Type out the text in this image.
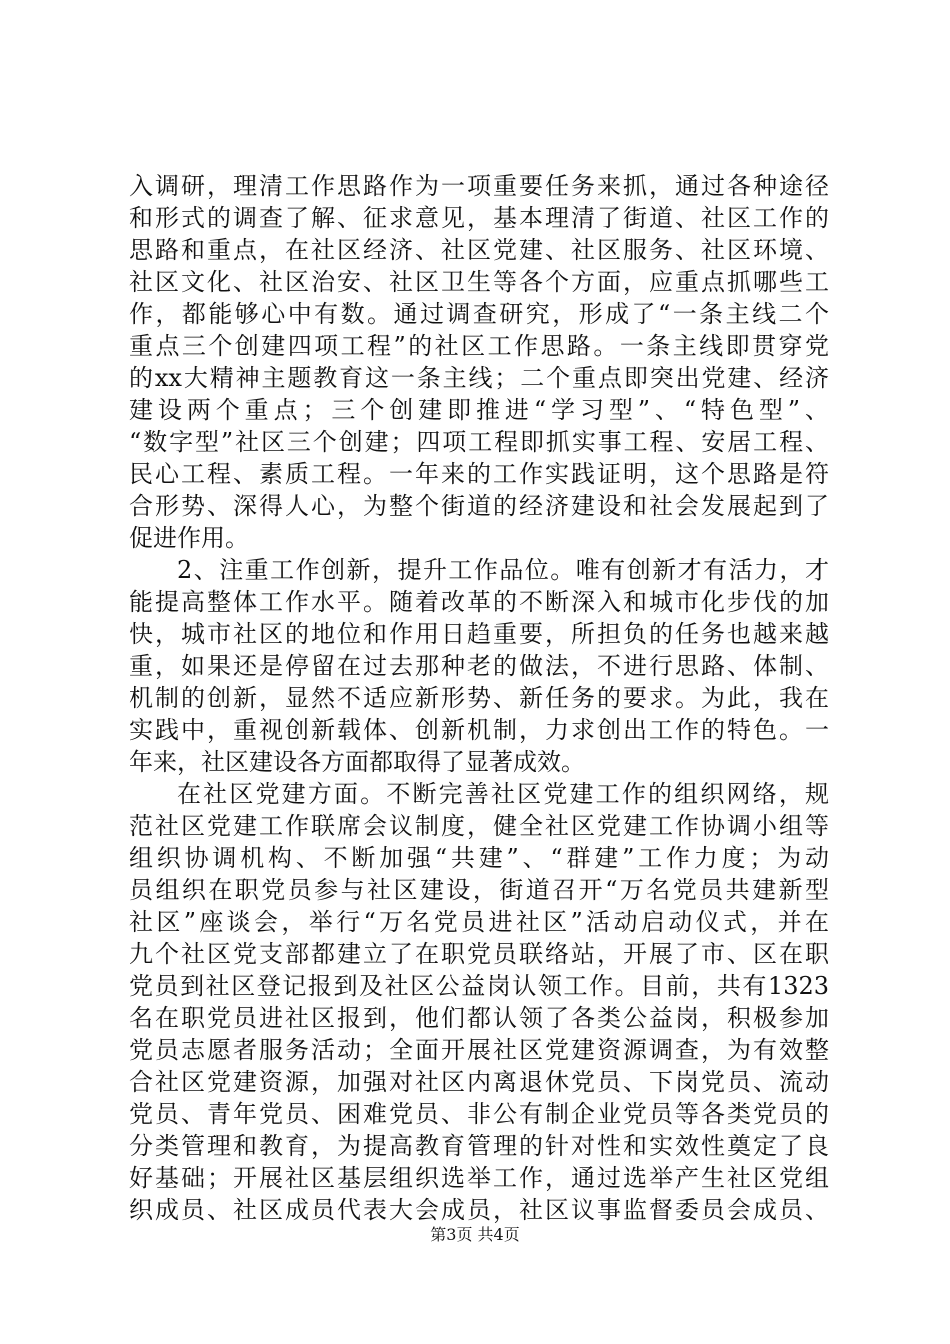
入调研，理清工作思路作为一项重要任务来抓，通过各种途径
和形式的调查了解、征求意见，基本理清了街道、社区工作的
思路和重点，在社区经济、社区党建、社区服务、社区环境、
社区文化、社区治安、社区卫生等各个方面，应重点抓哪些工
作，都能够心中有数。通过调查研究，形成了“一条主线二个
重点三个创建四项工程”的社区工作思路。一条主线即贯穿党
的xx大精神主题教育这一条主线；二个重点即突出党建、经济
建设两个重点；三个创建即推进“学习型”、“特色型”、
“数字型”社区三个创建；四项工程即抓实事工程、安居工程、
民心工程、素质工程。一年来的工作实践证明，这个思路是符
合形势、深得人心，为整个街道的经济建设和社会发展起到了
促进作用。
2、注重工作创新，提升工作品位。唯有创新才有活力，才
能提高整体工作水平。随着改革的不断深入和城市化步伐的加
快，城市社区的地位和作用日趋重要，所担负的任务也越来越
重，如果还是停留在过去那种老的做法，不进行思路、体制、
机制的创新，显然不适应新形势、新任务的要求。为此，我在
实践中，重视创新载体、创新机制，力求创出工作的特色。一
年来，社区建设各方面都取得了显著成效。
在社区党建方面。不断完善社区党建工作的组织网络，规
范社区党建工作联席会议制度，健全社区党建工作协调小组等
组织协调机构、不断加强“共建”、“群建”工作力度；为动
员组织在职党员参与社区建设，街道召开“万名党员共建新型
社区”座谈会，举行“万名党员进社区”活动启动仪式，并在
九个社区党支部都建立了在职党员联络站，开展了市、区在职
党员到社区登记报到及社区公益岗认领工作。目前，共有1323
名在职党员进社区报到，他们都认领了各类公益岗，积极参加
党员志愿者服务活动；全面开展社区党建资源调查，为有效整
合社区党建资源，加强对社区内离退休党员、下岗党员、流动
党员、青年党员、困难党员、非公有制企业党员等各类党员的
分类管理和教育，为提高教育管理的针对性和实效性奠定了良
好基础；开展社区基层组织选举工作，通过选举产生社区党组
织成员、社区成员代表大会成员，社区议事监督委员会成员、
第3页 共4页
